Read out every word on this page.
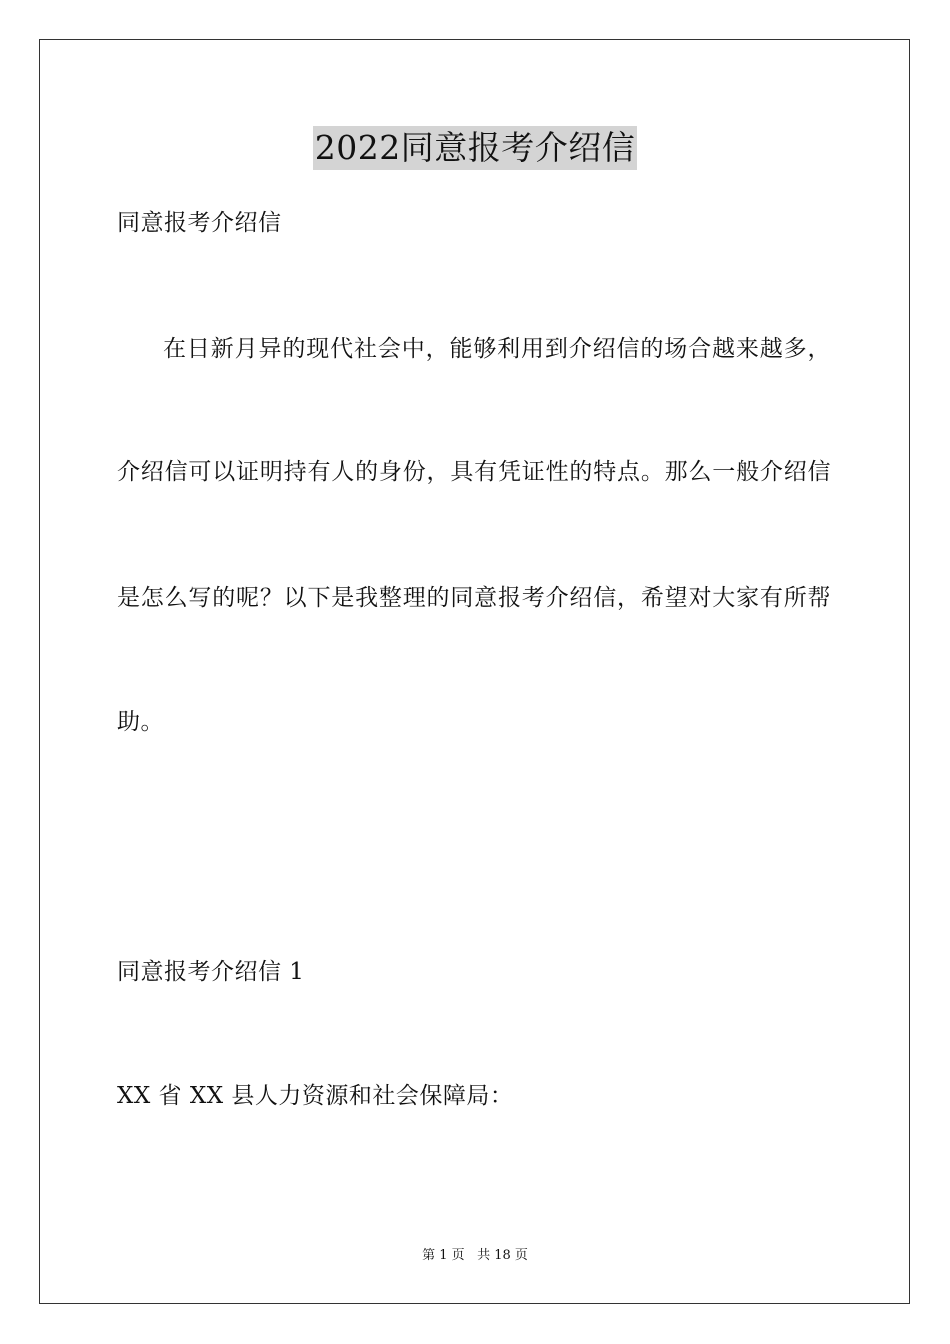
2022同意报考介绍信
同意报考介绍信
在日新月异的现代社会中，能够利用到介绍信的场合越来越多，
介绍信可以证明持有人的身份，具有凭证性的特点。那么一般介绍信
是怎么写的呢？以下是我整理的同意报考介绍信，希望对大家有所帮
助。
同意报考介绍信 1
XX 省 XX 县人力资源和社会保障局：
第 1 页 共 18 页
